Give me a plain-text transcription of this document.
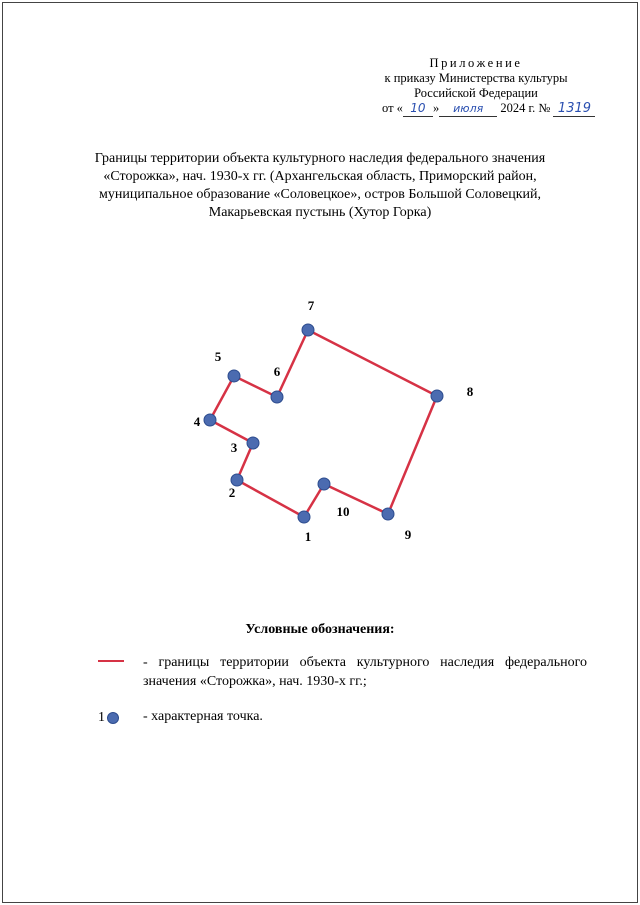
Приложение
к приказу Министерства культуры
Российской Федерации
от « 10 » июля 2024 г. № 1319
Границы территории объекта культурного наследия федерального значения «Сторожка», нач. 1930-х гг. (Архангельская область, Приморский район, муниципальное образование «Соловецкое», остров Большой Соловецкий, Макарьевская пустынь (Хутор Горка)
1
2
3
4
5
6
7
8
9
10
Условные обозначения:
- границы территории объекта культурного наследия федерального значения «Сторожка», нач. 1930-х гг.;
1	- характерная точка.
